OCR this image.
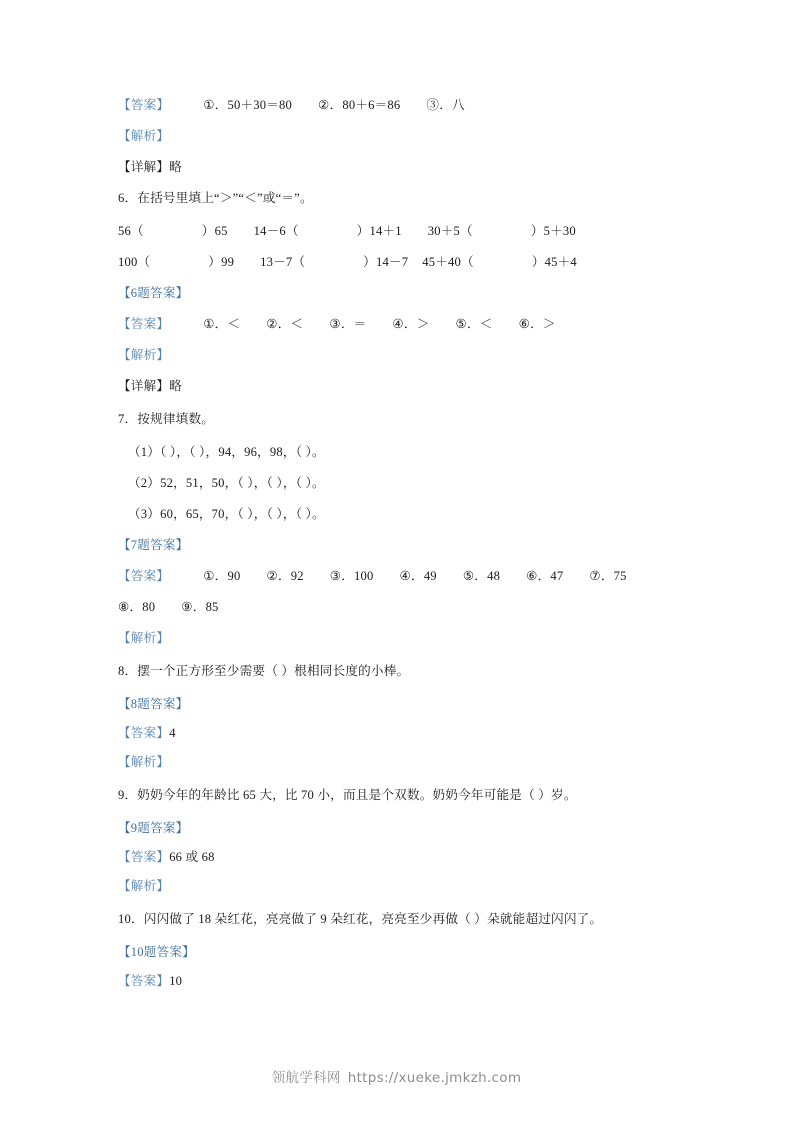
【答案】	①．50＋30＝80 ②．80＋6＝86 ③．八
【解析】
【详解】略
6．在括号里填上“＞”“＜”或“＝”。
56（	）65 14－6（	）14＋1 30＋5（	）5＋30
100（	）99 13－7（	）14－7 45＋40（	）45＋4
【6题答案】
【答案】	①．＜ ②．＜ ③．＝ ④．＞ ⑤．＜ ⑥．＞
【解析】
【详解】略
7．按规律填数。
（1）（ ），（ ），94，96，98，（ ）。
（2）52，51，50，（ ），（ ），（ ）。
（3）60，65，70，（ ），（ ），（ ）。
【7题答案】
【答案】	①．90 ②．92 ③．100 ④．49 ⑤．48 ⑥．47 ⑦．75
⑧．80 ⑨．85
【解析】
8．摆一个正方形至少需要（ ）根相同长度的小棒。
【8题答案】
【答案】4
【解析】
9．奶奶今年的年龄比 65 大，比 70 小，而且是个双数。奶奶今年可能是（ ）岁。
【9题答案】
【答案】66 或 68
【解析】
10．闪闪做了 18 朵红花，亮亮做了 9 朵红花，亮亮至少再做（ ）朵就能超过闪闪了。
【10题答案】
【答案】10
领航学科网 https://xueke.jmkzh.com
